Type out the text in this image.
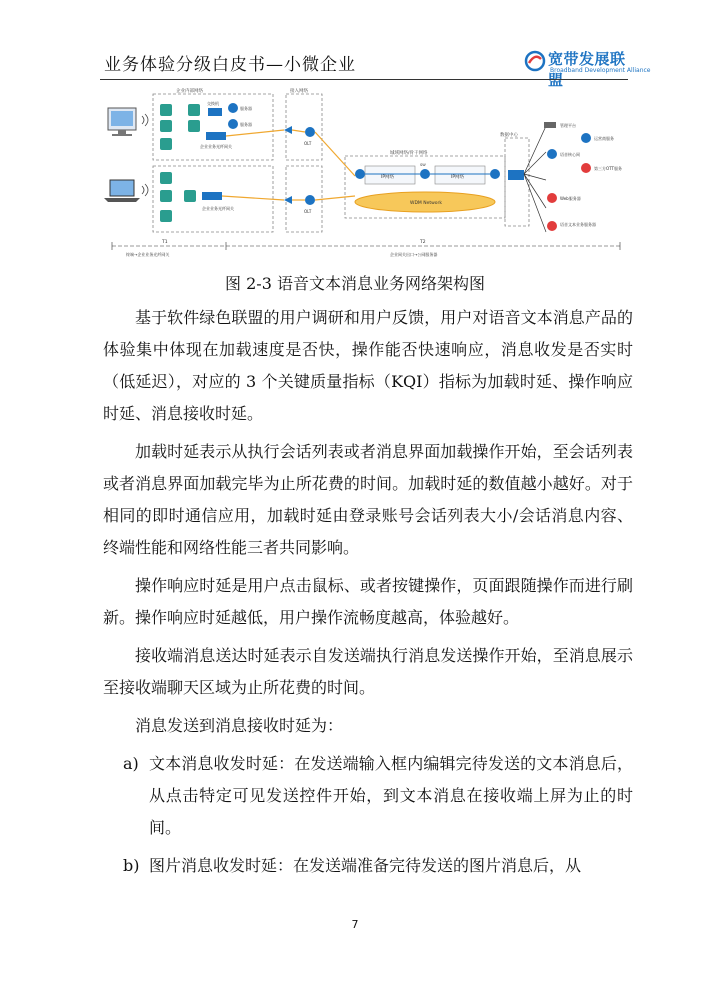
业务体验分级白皮书—小微企业	宽带发展联盟
Broadband Development Alliance
企业内部网络	接入网络
城域网络/骨干网络
数据中心
交换机
服务器
服务器
企业业务光纤网关
企业业务光纤网关
OLT
OLT
WDM Network
IP网络	IP网络
SW
管理平台
运营商服务
语音核心网
第三方OTT服务
Web服务器
语音文本业务服务器
T1	T2
终端→企业业务光纤网关	企业网关出口→公网服务器
图 2-3 语音文本消息业务网络架构图

基于软件绿色联盟的用户调研和用户反馈，用户对语音文本消息产品的体验集中体现在加载速度是否快，操作能否快速响应，消息收发是否实时（低延迟），对应的 3 个关键质量指标（KQI）指标为加载时延、操作响应时延、消息接收时延。

加载时延表示从执行会话列表或者消息界面加载操作开始，至会话列表或者消息界面加载完毕为止所花费的时间。加载时延的数值越小越好。对于相同的即时通信应用，加载时延由登录账号会话列表大小/会话消息内容、终端性能和网络性能三者共同影响。

操作响应时延是用户点击鼠标、或者按键操作，页面跟随操作而进行刷新。操作响应时延越低，用户操作流畅度越高，体验越好。

接收端消息送达时延表示自发送端执行消息发送操作开始，至消息展示至接收端聊天区域为止所花费的时间。

消息发送到消息接收时延为：

a) 文本消息收发时延：在发送端输入框内编辑完待发送的文本消息后，从点击特定可见发送控件开始，到文本消息在接收端上屏为止的时间。
b) 图片消息收发时延：在发送端准备完待发送的图片消息后，从
7
